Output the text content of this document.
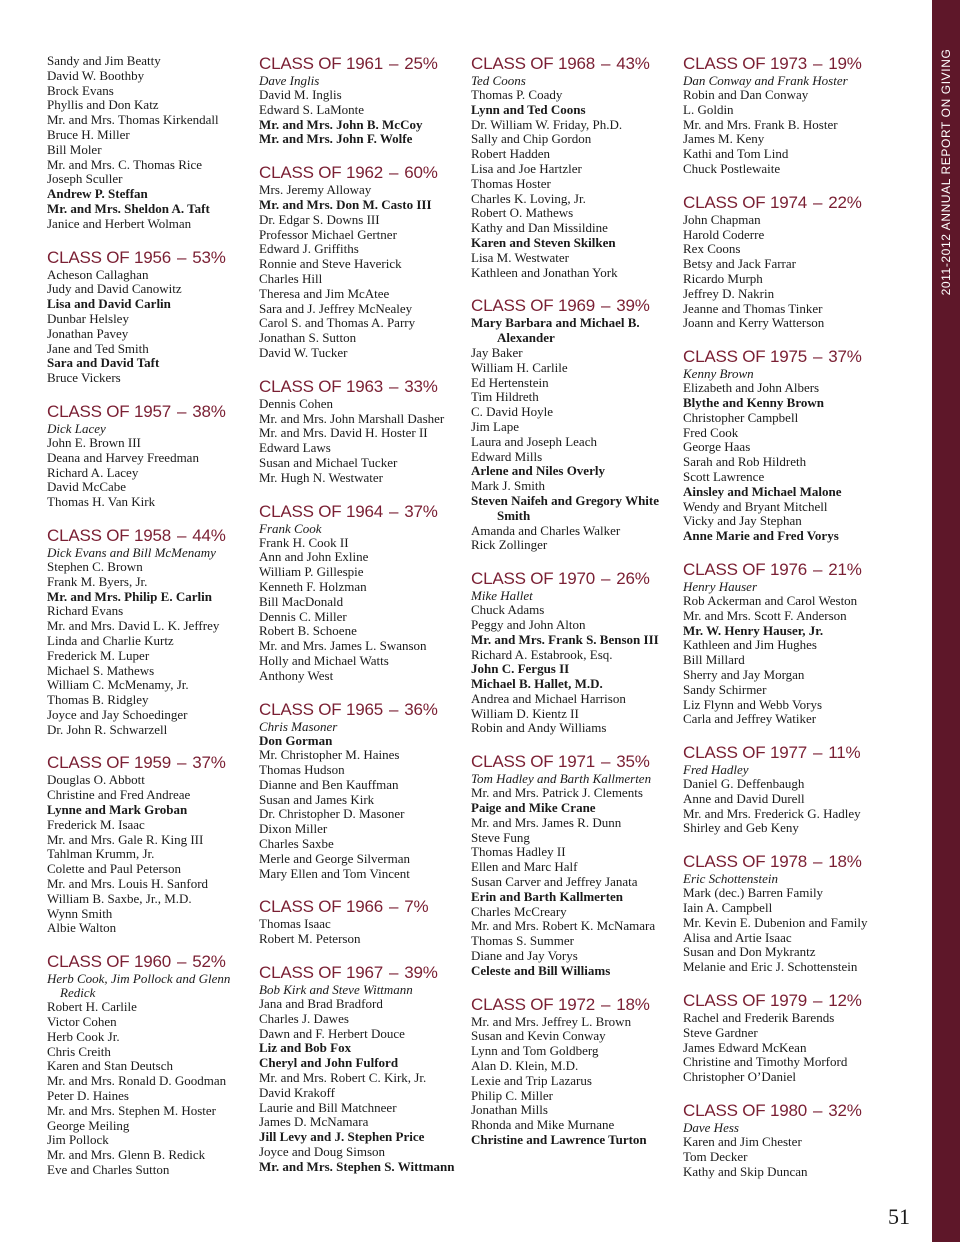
Sandy and Jim Beatty
David W. Boothby
Brock Evans
Phyllis and Don Katz
Mr. and Mrs. Thomas Kirkendall
Bruce H. Miller
Bill Moler
Mr. and Mrs. C. Thomas Rice
Joseph Sculler
Andrew P. Steffan
Mr. and Mrs. Sheldon A. Taft
Janice and Herbert Wolman
CLASS OF 1956 – 53%
Acheson Callaghan
Judy and David Canowitz
Lisa and David Carlin
Dunbar Helsley
Jonathan Pavey
Jane and Ted Smith
Sara and David Taft
Bruce Vickers
CLASS OF 1957 – 38%
Dick Lacey
John E. Brown III
Deana and Harvey Freedman
Richard A. Lacey
David McCabe
Thomas H. Van Kirk
CLASS OF 1958 – 44%
Dick Evans and Bill McMenamy
Stephen C. Brown
Frank M. Byers, Jr.
Mr. and Mrs. Philip E. Carlin
Richard Evans
Mr. and Mrs. David L. K. Jeffrey
Linda and Charlie Kurtz
Frederick M. Luper
Michael S. Mathews
William C. McMenamy, Jr.
Thomas B. Ridgley
Joyce and Jay Schoedinger
Dr. John R. Schwarzell
CLASS OF 1959 – 37%
Douglas O. Abbott
Christine and Fred Andreae
Lynne and Mark Groban
Frederick M. Isaac
Mr. and Mrs. Gale R. King III
Tahlman Krumm, Jr.
Colette and Paul Peterson
Mr. and Mrs. Louis H. Sanford
William B. Saxbe, Jr., M.D.
Wynn Smith
Albie Walton
CLASS OF 1960 – 52%
Herb Cook, Jim Pollock and Glenn Redick
Robert H. Carlile
Victor Cohen
Herb Cook Jr.
Chris Creith
Karen and Stan Deutsch
Mr. and Mrs. Ronald D. Goodman
Peter D. Haines
Mr. and Mrs. Stephen M. Hoster
George Meiling
Jim Pollock
Mr. and Mrs. Glenn B. Redick
Eve and Charles Sutton
CLASS OF 1961 – 25%
Dave Inglis
David M. Inglis
Edward S. LaMonte
Mr. and Mrs. John B. McCoy
Mr. and Mrs. John F. Wolfe
CLASS OF 1962 – 60%
Mrs. Jeremy Alloway
Mr. and Mrs. Don M. Casto III
Dr. Edgar S. Downs III
Professor Michael Gertner
Edward J. Griffiths
Ronnie and Steve Haverick
Charles Hill
Theresa and Jim McAtee
Sara and J. Jeffrey McNealey
Carol S. and Thomas A. Parry
Jonathan S. Sutton
David W. Tucker
CLASS OF 1963 – 33%
Dennis Cohen
Mr. and Mrs. John Marshall Dasher
Mr. and Mrs. David H. Hoster II
Edward Laws
Susan and Michael Tucker
Mr. Hugh N. Westwater
CLASS OF 1964 – 37%
Frank Cook
Frank H. Cook II
Ann and John Exline
William P. Gillespie
Kenneth F. Holzman
Bill MacDonald
Dennis C. Miller
Robert B. Schoene
Mr. and Mrs. James L. Swanson
Holly and Michael Watts
Anthony West
CLASS OF 1965 – 36%
Chris Masoner
Don Gorman
Mr. Christopher M. Haines
Thomas Hudson
Dianne and Ben Kauffman
Susan and James Kirk
Dr. Christopher D. Masoner
Dixon Miller
Charles Saxbe
Merle and George Silverman
Mary Ellen and Tom Vincent
CLASS OF 1966 – 7%
Thomas Isaac
Robert M. Peterson
CLASS OF 1967 – 39%
Bob Kirk and Steve Wittmann
Jana and Brad Bradford
Charles J. Dawes
Dawn and F. Herbert Douce
Liz and Bob Fox
Cheryl and John Fulford
Mr. and Mrs. Robert C. Kirk, Jr.
David Krakoff
Laurie and Bill Matchneer
James D. McNamara
Jill Levy and J. Stephen Price
Joyce and Doug Simson
Mr. and Mrs. Stephen S. Wittmann
CLASS OF 1968 – 43%
Ted Coons
Thomas P. Coady
Lynn and Ted Coons
Dr. William W. Friday, Ph.D.
Sally and Chip Gordon
Robert Hadden
Lisa and Joe Hartzler
Thomas Hoster
Charles K. Loving, Jr.
Robert O. Mathews
Kathy and Dan Missildine
Karen and Steven Skilken
Lisa M. Westwater
Kathleen and Jonathan York
CLASS OF 1969 – 39%
Mary Barbara and Michael B. Alexander
Jay Baker
William H. Carlile
Ed Hertenstein
Tim Hildreth
C. David Hoyle
Jim Lape
Laura and Joseph Leach
Edward Mills
Arlene and Niles Overly
Mark J. Smith
Steven Naifeh and Gregory White Smith
Amanda and Charles Walker
Rick Zollinger
CLASS OF 1970 – 26%
Mike Hallet
Chuck Adams
Peggy and John Alton
Mr. and Mrs. Frank S. Benson III
Richard A. Estabrook, Esq.
John C. Fergus II
Michael B. Hallet, M.D.
Andrea and Michael Harrison
William D. Kientz II
Robin and Andy Williams
CLASS OF 1971 – 35%
Tom Hadley and Barth Kallmerten
Mr. and Mrs. Patrick J. Clements
Paige and Mike Crane
Mr. and Mrs. James R. Dunn
Steve Fung
Thomas Hadley II
Ellen and Marc Half
Susan Carver and Jeffrey Janata
Erin and Barth Kallmerten
Charles McCreary
Mr. and Mrs. Robert K. McNamara
Thomas S. Summer
Diane and Jay Vorys
Celeste and Bill Williams
CLASS OF 1972 – 18%
Mr. and Mrs. Jeffrey L. Brown
Susan and Kevin Conway
Lynn and Tom Goldberg
Alan D. Klein, M.D.
Lexie and Trip Lazarus
Philip C. Miller
Jonathan Mills
Rhonda and Mike Murnane
Christine and Lawrence Turton
CLASS OF 1973 – 19%
Dan Conway and Frank Hoster
Robin and Dan Conway
L. Goldin
Mr. and Mrs. Frank B. Hoster
James M. Keny
Kathi and Tom Lind
Chuck Postlewaite
CLASS OF 1974 – 22%
John Chapman
Harold Coderre
Rex Coons
Betsy and Jack Farrar
Ricardo Murph
Jeffrey D. Nakrin
Jeanne and Thomas Tinker
Joann and Kerry Watterson
CLASS OF 1975 – 37%
Kenny Brown
Elizabeth and John Albers
Blythe and Kenny Brown
Christopher Campbell
Fred Cook
George Haas
Sarah and Rob Hildreth
Scott Lawrence
Ainsley and Michael Malone
Wendy and Bryant Mitchell
Vicky and Jay Stephan
Anne Marie and Fred Vorys
CLASS OF 1976 – 21%
Henry Hauser
Rob Ackerman and Carol Weston
Mr. and Mrs. Scott F. Anderson
Mr. W. Henry Hauser, Jr.
Kathleen and Jim Hughes
Bill Millard
Sherry and Jay Morgan
Sandy Schirmer
Liz Flynn and Webb Vorys
Carla and Jeffrey Watiker
CLASS OF 1977 – 11%
Fred Hadley
Daniel G. Deffenbaugh
Anne and David Durell
Mr. and Mrs. Frederick G. Hadley
Shirley and Geb Keny
CLASS OF 1978 – 18%
Eric Schottenstein
Mark (dec.) Barren Family
Iain A. Campbell
Mr. Kevin E. Dubenion and Family
Alisa and Artie Isaac
Susan and Don Mykrantz
Melanie and Eric J. Schottenstein
CLASS OF 1979 – 12%
Rachel and Frederik Barends
Steve Gardner
James Edward McKean
Christine and Timothy Morford
Christopher O’Daniel
CLASS OF 1980 – 32%
Dave Hess
Karen and Jim Chester
Tom Decker
Kathy and Skip Duncan
2011-2012 ANNUAL REPORT ON GIVING
51
